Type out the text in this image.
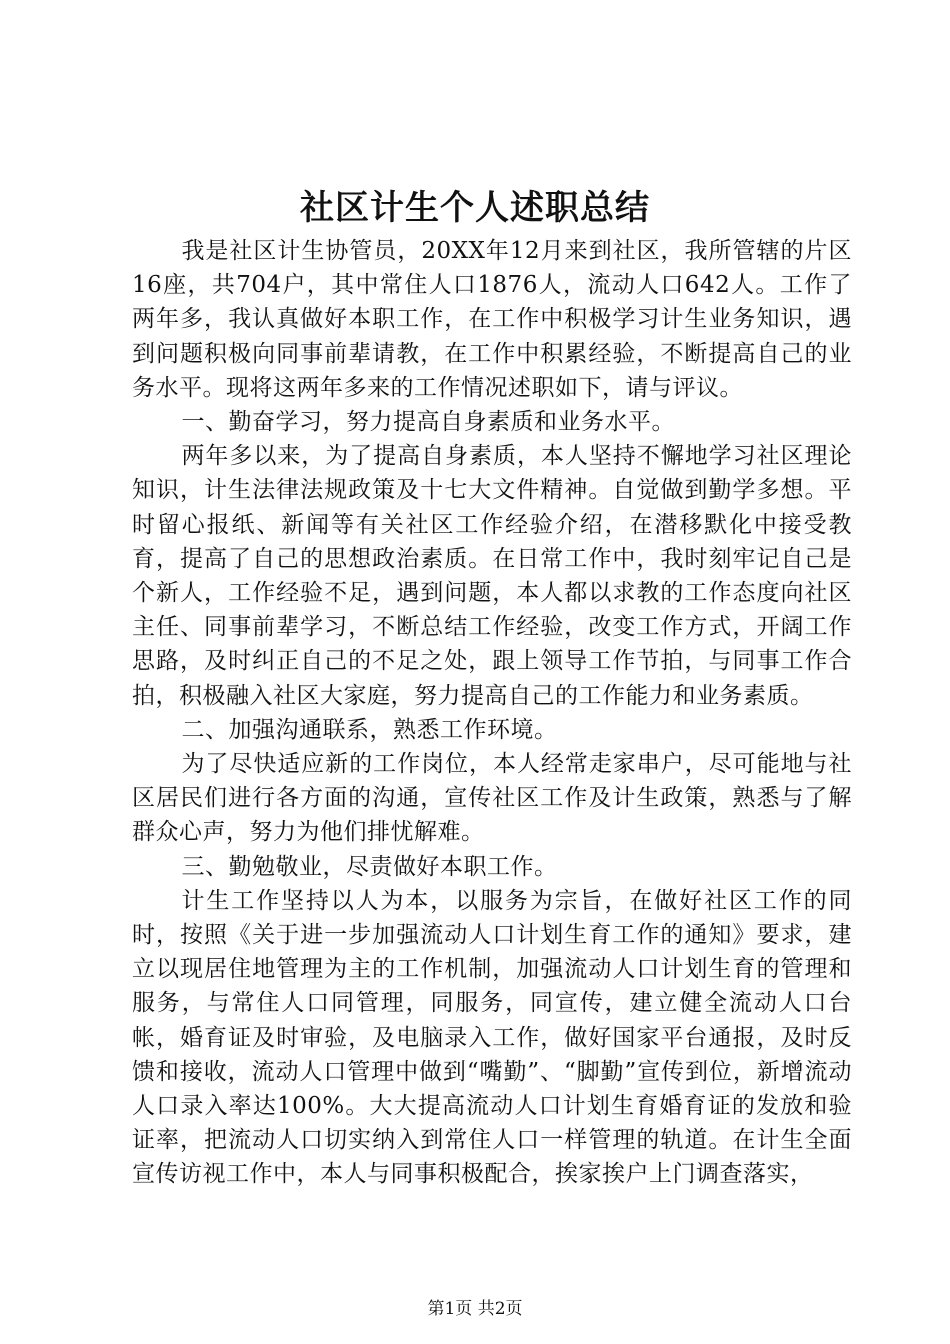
社区计生个人述职总结

我是社区计生协管员，20XX年12月来到社区，我所管辖的片区16座，共704户，其中常住人口1876人，流动人口642人。工作了两年多，我认真做好本职工作，在工作中积极学习计生业务知识，遇到问题积极向同事前辈请教，在工作中积累经验，不断提高自己的业务水平。现将这两年多来的工作情况述职如下，请与评议。

一、勤奋学习，努力提高自身素质和业务水平。

两年多以来，为了提高自身素质，本人坚持不懈地学习社区理论知识，计生法律法规政策及十七大文件精神。自觉做到勤学多想。平时留心报纸、新闻等有关社区工作经验介绍，在潜移默化中接受教育，提高了自己的思想政治素质。在日常工作中，我时刻牢记自己是个新人，工作经验不足，遇到问题，本人都以求教的工作态度向社区主任、同事前辈学习，不断总结工作经验，改变工作方式，开阔工作思路，及时纠正自己的不足之处，跟上领导工作节拍，与同事工作合拍，积极融入社区大家庭，努力提高自己的工作能力和业务素质。

二、加强沟通联系，熟悉工作环境。

为了尽快适应新的工作岗位，本人经常走家串户，尽可能地与社区居民们进行各方面的沟通，宣传社区工作及计生政策，熟悉与了解群众心声，努力为他们排忧解难。

三、勤勉敬业，尽责做好本职工作。

计生工作坚持以人为本，以服务为宗旨，在做好社区工作的同时，按照《关于进一步加强流动人口计划生育工作的通知》要求，建立以现居住地管理为主的工作机制，加强流动人口计划生育的管理和服务，与常住人口同管理，同服务，同宣传，建立健全流动人口台帐，婚育证及时审验，及电脑录入工作，做好国家平台通报，及时反馈和接收，流动人口管理中做到“嘴勤”、“脚勤”宣传到位，新增流动人口录入率达100%。大大提高流动人口计划生育婚育证的发放和验证率，把流动人口切实纳入到常住人口一样管理的轨道。在计生全面宣传访视工作中，本人与同事积极配合，挨家挨户上门调查落实，

第1页 共2页
